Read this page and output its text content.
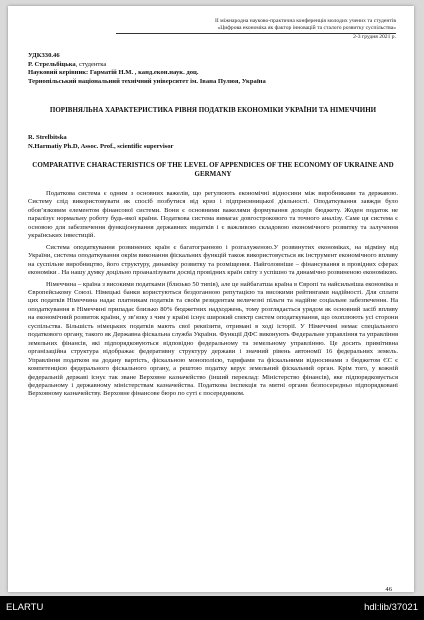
ІІ міжнародна науково-практична конференція молодих учених та студентів
«Цифрова економіка як фактор інновацій та сталого розвитку суспільства»
2-3 грудня 2021 р.
УДК330.46
Р. Стрельбіцька, студентка
Науковий керівник: Гарматій Н.М. , канд.екон.наук. доц.
Тернопільський національний технічний університет ім. Івана Пулюя, Україна
ПОРІВНЯЛЬНА ХАРАКТЕРИСТИКА РІВНЯ ПОДАТКІВ ЕКОНОМІКИ УКРАЇНИ ТА НІМЕЧЧИНИ
R. Strelbitska
N.Harmatiy Ph.D, Assoc. Prof., scientific supervisor
COMPARATIVE CHARACTERISTICS OF THE LEVEL OF APPENDICES OF THE ECONOMY OF UKRAINE AND GERMANY

Податкова система є одним з основних важелів, що регулюють економічні відносини між виробниками та державою. Систему слід використовувати як спосіб позбутися від криз і підприємницької діяльності. Оподаткування завжди було обов’язковим елементом фінансової системи. Вони є основними важелями формування доходів бюджету. Жоден податок не паралізує нормальну роботу будь-якої країни. Податкова система вимагає довгострокового та точного аналізу. Саме ця система є основою для забезпечення функціонування державних видатків і є важливою складовою економічного розвитку та залучення українських інвестицій.

Система оподаткування розвинених країн є багатогранною і розгалуженою.У розвинутих економіках, на відміну від України, система оподаткування окрім виконання фіскальних функцій також використовується як інструмент економічного впливу на суспільне виробництво, його структуру, динаміку розвитку та розміщення. Найголовніше – фінансування в провідних сферах економіки . На нашу думку доцільно проаналізувати досвід провідних країн світу з успішно та динамічно розвиненою економікою.

Німеччина – країна з високими податками (близько 50 типів), але це найбагатша країна в Європі та найсильніша економіка в Європейському Союзі. Німецькі банки користуються бездоганною репутацією та високими рейтингами надійності. Для сплати цих податків Німеччина надає платникам податків та своїм резидентам величезні пільги та надійне соціальне забезпечення. На оподаткування в Німеччині припадає близько 80% бюджетних надходжень, тому розглядається урядом як основний засіб впливу на економічний розвиток країни, у зв’язку з чим у країні існує широкий спектр систем оподаткування, що охоплюють усі сторони суспільства. Більшість німецьких податків мають свої реквізити, отримані в ході історії. У Німеччині немає спеціального податкового органу, такого як Державна фіскальна служба України. Функції ДФС виконують Федеральне управління та управління земельних фінансів, які підпорядковуються відповідно федеральному та земельному управлінню. Це досить примітивна організаційна структура відображає федеративну структуру держави і значний рівень автономії 16 федеральних земель. Управління податком на додану вартість, фіскальною монополією, тарифами та фіскальними відносинами з бюджетом ЄС є компетенцією федерального фіскального органу, а рештою податку керує земельний фіскальний орган. Крім того, у кожній федеральній державі існує так зване Верховне казначейство (інший переклад: Міністерство фінансів), яке підпорядковується федеральному і державному міністерствам казначейства. Податкова інспекція та митні органи безпосередньо підпорядковані Верховному казначейству. Верховне фінансове бюро по суті є посередником.

46
ELARTU	hdl:lib/37021
